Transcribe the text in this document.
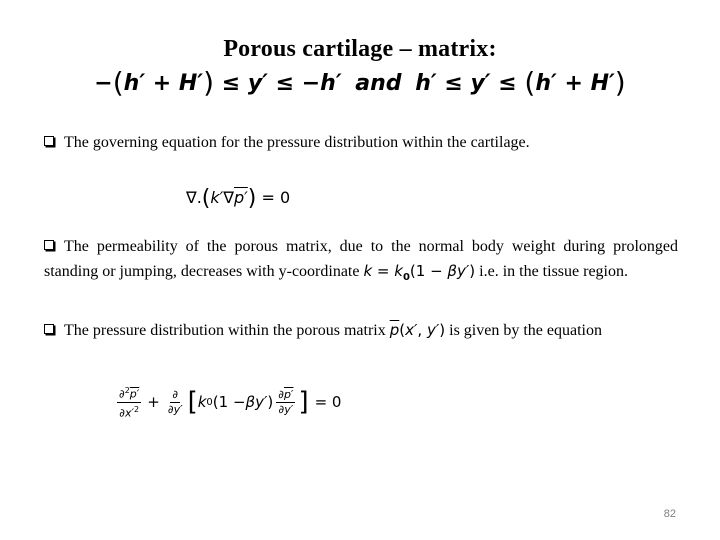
Porous cartilage – matrix:
−(h′ + H′) ≤ y′ ≤ −h′ and h′ ≤ y′ ≤ (h′ + H′)
The governing equation for the pressure distribution within the cartilage.
∇.(k′∇p′) = 0
The permeability of the porous matrix, due to the normal body weight during prolonged standing or jumping, decreases with y-coordinate $k = k_0(1 - \beta y')$ i.e. in the tissue region.
The pressure distribution within the porous matrix $\overline{p}(x'$, y′) is given by the equation
$\frac{\partial^2p'}{\partial x'^2} + \frac{\partial}{\partial y'}$ [ k 0 (1 − βy′ ) $\frac{\partial p'}{\partial y'}$ ] = 0
82
